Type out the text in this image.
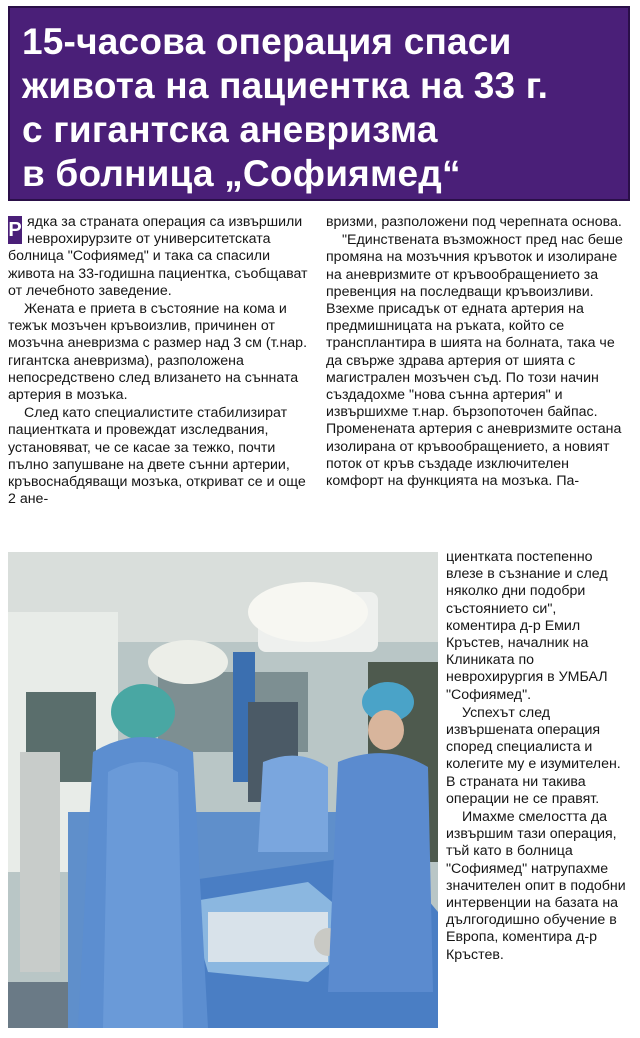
15-часова операция спаси
живота на пациентка на 33 г.
с гигантска аневризма
в болница „Софиямед“

Р ядка за страната операция са извършили неврохирурзите от университетската болница "Софиямед" и така са спасили живота на 33-годишна пациентка, съобщават от лечебното заведение.

Жената е приета в състояние на кома и тежък мозъчен кръвоизлив, причинен от мозъчна аневризма с размер над 3 см (т.нар. гигантска аневризма), разположена непосредствено след влизането на сънната артерия в мозъка.

След като специалистите стабилизират пациентката и провеждат изследвания, установяват, че се касае за тежко, почти пълно запушване на двете сънни артерии, кръвоснабдяващи мозъка, откриват се и още 2 ане-

вризми, разположени под черепната основа.

"Единствената възможност пред нас беше промяна на мозъчния кръвоток и изолиране на аневризмите от кръвообращението за превенция на последващи кръвоизливи. Взехме присадък от едната артерия на предмишницата на ръката, който се трансплантира в шията на болната, така че да свърже здрава артерия от шията с магистрален мозъчен съд. По този начин създадохме "нова сънна артерия" и извършихме т.нар. бързопоточен байпас. Променената артерия с аневризмите остана изолирана от кръвообращението, а новият поток от кръв създаде изключителен комфорт на функцията на мозъка. Па-

циентката постепенно влезе в съзнание и след няколко дни подобри състоянието си", коментира д-р Емил Кръстев, началник на Клиниката по неврохирургия в УМБАЛ "Софиямед".

Успехът след извършената операция според специалиста и колегите му е изумителен. В страната ни такива операции не се правят.

Имахме смелостта да извършим тази операция, тъй като в болница "Софиямед" натрупахме значителен опит в подобни интервенции на базата на дългогодишно обучение в Европа, коментира д-р Кръстев.
